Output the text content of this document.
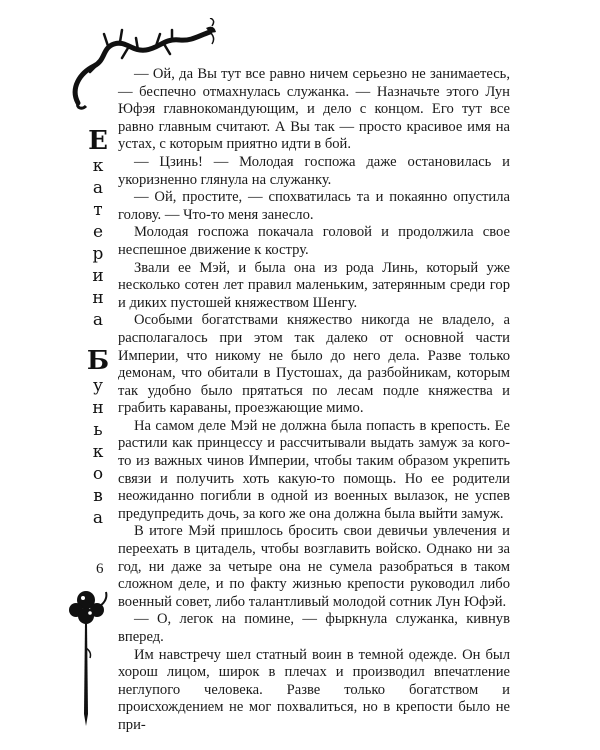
Е
к
а
т
е
р
и
н
а
Б
у
н
ь
к
о
в
а
6

— Ой, да Вы тут все равно ничем серьезно не занимаетесь, — беспечно отмахнулась служанка. — Назначьте этого Лун Юфэя главнокомандующим, и дело с концом. Его тут все равно главным считают. А Вы так — просто красивое имя на устах, с которым приятно идти в бой.

— Цзинь! — Молодая госпожа даже остановилась и укоризненно глянула на служанку.

— Ой, простите, — спохватилась та и покаянно опустила голову. — Что-то меня занесло.

Молодая госпожа покачала головой и продолжила свое неспешное движение к костру.

Звали ее Мэй, и была она из рода Линь, который уже несколько сотен лет правил маленьким, затерянным среди гор и диких пустошей княжеством Шенгу.

Особыми богатствами княжество никогда не владело, а располагалось при этом так далеко от основной части Империи, что никому не было до него дела. Разве только демонам, что обитали в Пустошах, да разбойникам, которым так удобно было прятаться по лесам подле княжества и грабить караваны, проезжающие мимо.

На самом деле Мэй не должна была попасть в крепость. Ее растили как принцессу и рассчитывали выдать замуж за кого-то из важных чинов Империи, чтобы таким образом укрепить связи и получить хоть какую-то помощь. Но ее родители неожиданно погибли в одной из военных вылазок, не успев предупредить дочь, за кого же она должна была выйти замуж.

В итоге Мэй пришлось бросить свои девичьи увлечения и переехать в цитадель, чтобы возглавить войско. Однако ни за год, ни даже за четыре она не сумела разобраться в таком сложном деле, и по факту жизнью крепости руководил либо военный совет, либо талантливый молодой сотник Лун Юфэй.

— О, легок на помине, — фыркнула служанка, кивнув вперед.

Им навстречу шел статный воин в темной одежде. Он был хорош лицом, широк в плечах и производил впечатление неглупого человека. Разве только богатством и происхождением не мог похвалиться, но в крепости было не при-
